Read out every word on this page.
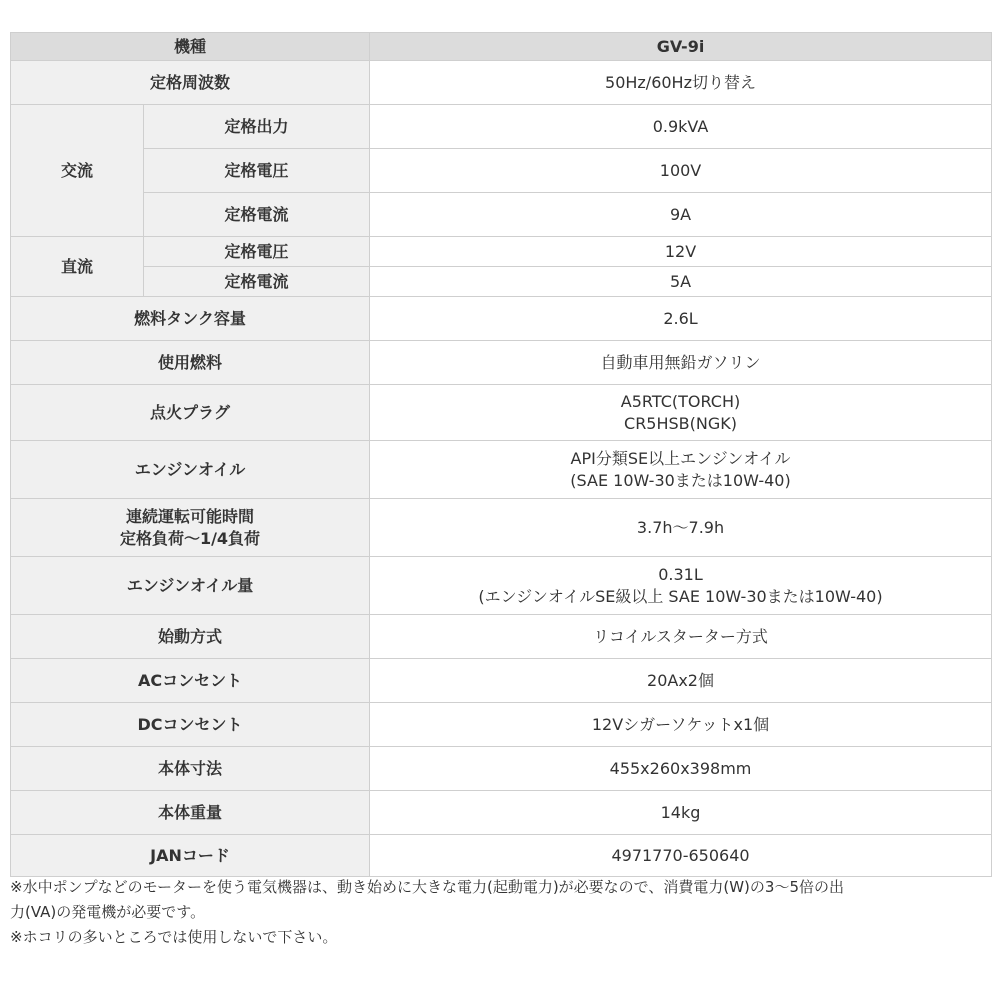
機種		GV-9i
定格周波数		50Hz/60Hz切り替え
交流	定格出力	0.9kVA
	定格電圧	100V
	定格電流	9A
直流	定格電圧	12V
	定格電流	5A
燃料タンク容量		2.6L
使用燃料		自動車用無鉛ガソリン
点火プラグ		A5RTC(TORCH)
CR5HSB(NGK)

エンジンオイル		API分類SE以上エンジンオイル
(SAE 10W-30または10W-40)

連続運転可能時間
定格負荷〜1/4負荷		3.7h〜7.9h
エンジンオイル量		0.31L
(エンジンオイルSE級以上 SAE 10W-30または10W-40)

始動方式		リコイルスターター方式
ACコンセント		20Ax2個
DCコンセント		12Vシガーソケットx1個
本体寸法		455x260x398mm
本体重量		14kg
JANコード		4971770-650640

※水中ポンプなどのモーターを使う電気機器は、動き始めに大きな電力(起動電力)が必要なので、消費電力(W)の3〜5倍の出

力(VA)の発電機が必要です。

※ホコリの多いところでは使用しないで下さい。
